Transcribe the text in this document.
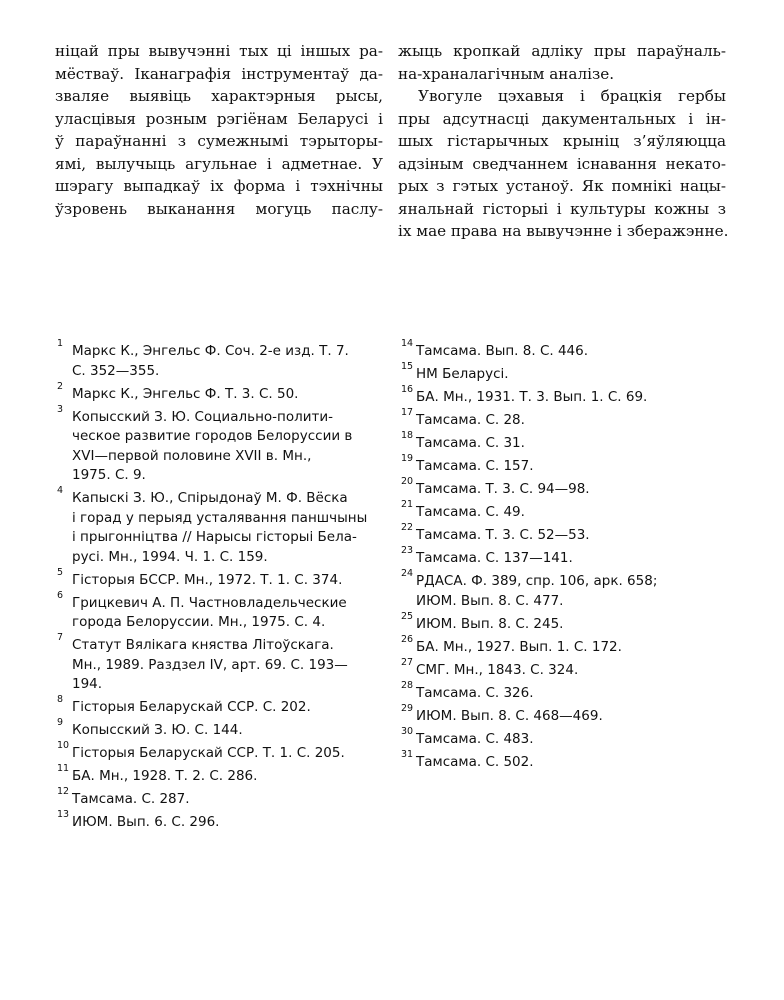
ніцай пры вывучэнні тых ці іншых ра-
мёстваў. Іканаграфія інструментаў да-
зваляе выявіць характэрныя рысы,
уласцівыя розным рэгіёнам Беларусі і
ў параўнанні з сумежнымі тэрыторы-
ямі, вылучыць агульнае і адметнае. У
шэрагу выпадкаў іх форма і тэхнічны
ўзровень выканання могуць паслу-
жыць кропкай адліку пры параўналь-
на-храналагічным аналізе.
Увогуле цэхавыя і брацкія гербы
пры адсутнасці дакументальных і ін-
шых гістарычных крыніц з’яўляюцца
адзіным сведчаннем існавання некато-
рых з гэтых устаноў. Як помнікі нацы-
янальнай гісторыі і культуры кожны з
іх мае права на вывучэнне і зберажэнне.
1 Маркс К., Энгельс Ф. Соч. 2-е изд. Т. 7.
С. 352—355.
2 Маркс К., Энгельс Ф. Т. 3. С. 50.
3 Копысский З. Ю. Социально-полити-
ческое развитие городов Белоруссии в
XVI—первой половине XVII в. Мн.,
1975. С. 9.
4 Капыскі З. Ю., Спірыдонаў М. Ф. Вёска
і горад у перыяд усталявання паншчыны
і прыгонніцтва // Нарысы гісторыі Бела-
русі. Мн., 1994. Ч. 1. С. 159.
5 Гісторыя БССР. Мн., 1972. Т. 1. С. 374.
6 Грицкевич А. П. Частновладельческие
города Белоруссии. Мн., 1975. С. 4.
7 Статут Вялікага княства Літоўскага.
Мн., 1989. Раздзел IV, арт. 69. С. 193—
194.
8 Гісторыя Беларускай ССР. С. 202.
9 Копысский З. Ю. С. 144.
10 Гісторыя Беларускай ССР. Т. 1. С. 205.
11 БА. Мн., 1928. Т. 2. С. 286.
12 Тамсама. С. 287.
13 ИЮМ. Вып. 6. С. 296.
14 Тамсама. Вып. 8. С. 446.
15 НМ Беларусі.
16 БА. Мн., 1931. Т. 3. Вып. 1. С. 69.
17 Тамсама. С. 28.
18 Тамсама. С. 31.
19 Тамсама. С. 157.
20 Тамсама. Т. 3. С. 94—98.
21 Тамсама. С. 49.
22 Тамсама. Т. 3. С. 52—53.
23 Тамсама. С. 137—141.
24 РДАСА. Ф. 389, спр. 106, арк. 658;
ИЮМ. Вып. 8. С. 477.
25 ИЮМ. Вып. 8. С. 245.
26 БА. Мн., 1927. Вып. 1. С. 172.
27 СМГ. Мн., 1843. С. 324.
28 Тамсама. С. 326.
29 ИЮМ. Вып. 8. С. 468—469.
30 Тамсама. С. 483.
31 Тамсама. С. 502.
